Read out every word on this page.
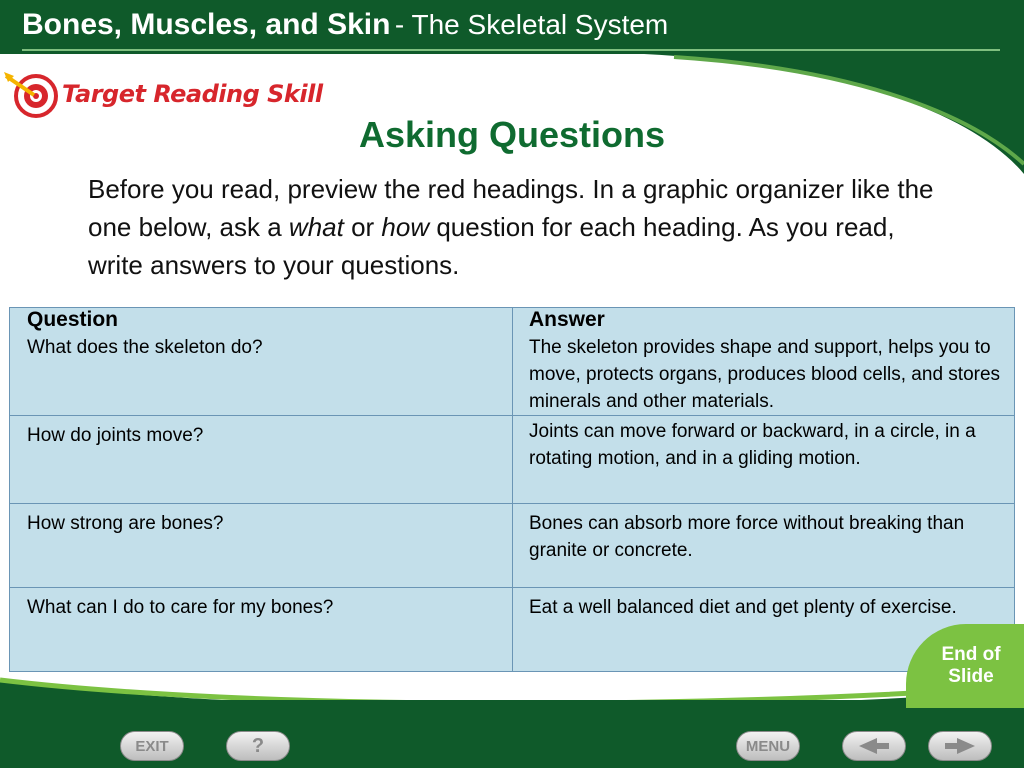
Bones, Muscles, and Skin - The Skeletal System
Target Reading Skill
Asking Questions
Before you read, preview the red headings. In a graphic organizer like the one below, ask a what or how question for each heading. As you read, write answers to your questions.
Question	Answer
What does the skeleton do?	The skeleton provides shape and support, helps you to move, protects organs, produces blood cells, and stores minerals and other materials.
How do joints move?	Joints can move forward or backward, in a circle, in a rotating motion, and in a gliding motion.
How strong are bones?	Bones can absorb more force without breaking than granite or concrete.
What can I do to care for my bones?	Eat a well balanced diet and get plenty of exercise.
End of
Slide
EXIT	?	MENU
